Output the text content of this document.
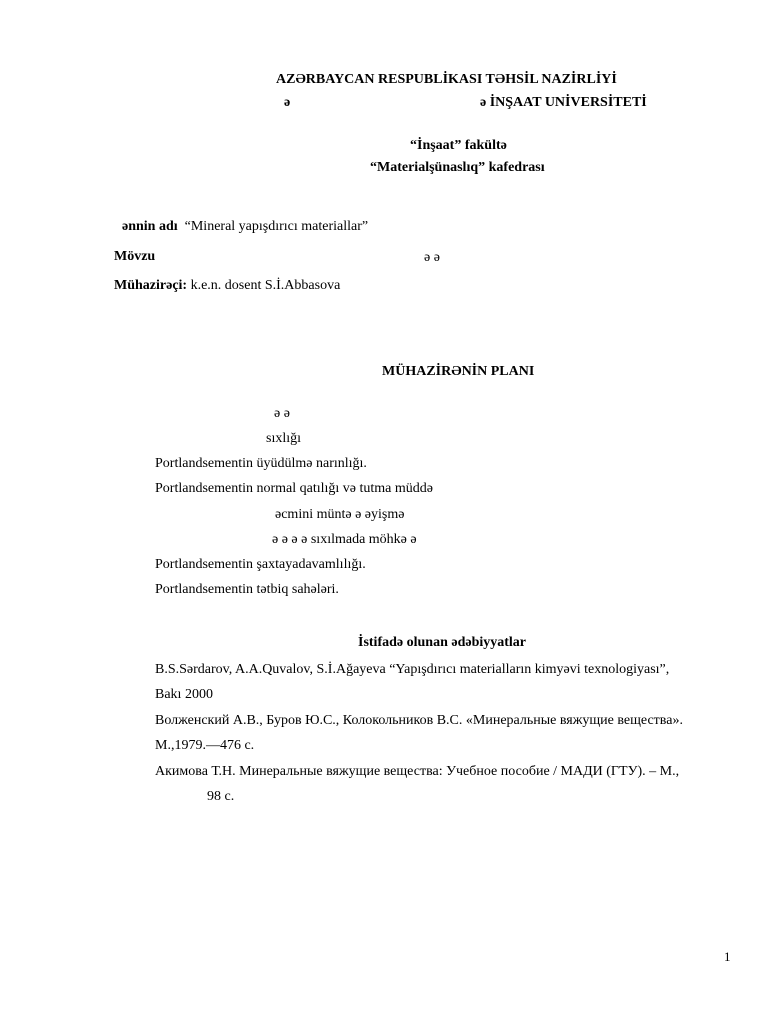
AZƏRBAYCAN RESPUBLİKASI TƏHSİL NAZİRLİYİ
ə	ə İNŞAAT UNİVERSİTETİ
“İnşaat” fakültə
“Materialşünaslıq” kafedrası
ənnin adı “Mineral yapışdırıcı materiallar”
Mövzu	ə ə
Mühazirəçi: k.e.n. dosent S.İ.Abbasova
MÜHAZİRƏNİN PLANI
ə ə
sıxlığı
Portlandsementin üyüdülmə narınlığı.
Portlandsementin normal qatılığı və tutma müddə
əcmini müntə ə əyişmə
ə ə ə ə sıxılmada möhkə ə
Portlandsementin şaxtayadavamlılığı.
Portlandsementin tətbiq sahələri.
İstifadə olunan ədəbiyyatlar
B.S.Sərdarov, A.A.Quvalov, S.İ.Ağayeva “Yapışdırıcı materialların kimyəvi texnologiyası”,
Bakı 2000
Волженский А.В., Буров Ю.С., Колокольников В.С. «Минеральные вяжущие вещества».
М.,1979.—476 с.
Акимова Т.Н. Минеральные вяжущие вещества: Учебное пособие / МАДИ (ГТУ). – М.,
98 с.
1
